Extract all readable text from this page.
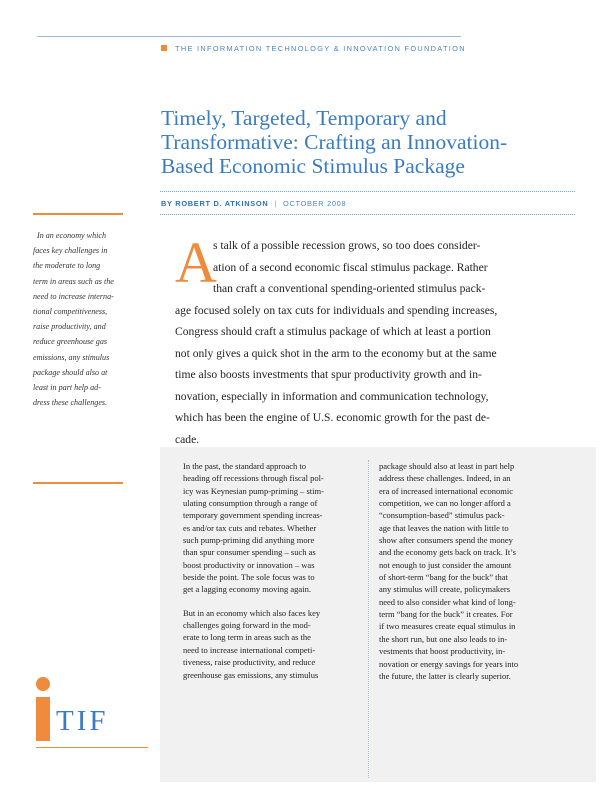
THE INFORMATION TECHNOLOGY & INNOVATION FOUNDATION
Timely, Targeted, Temporary and
Transformative: Crafting an Innovation-
Based Economic Stimulus Package
BY ROBERT D. ATKINSON | OCTOBER 2008
In an economy which
faces key challenges in
the moderate to long
term in areas such as the
need to increase interna-
tional competitiveness,
raise productivity, and
reduce greenhouse gas
emissions, any stimulus
package should also at
least in part help ad-
dress these challenges.
A
s talk of a possible recession grows, so too does consider-
ation of a second economic fiscal stimulus package. Rather
than craft a conventional spending-oriented stimulus pack-
age focused solely on tax cuts for individuals and spending increases,
Congress should craft a stimulus package of which at least a portion
not only gives a quick shot in the arm to the economy but at the same
time also boosts investments that spur productivity growth and in-
novation, especially in information and communication technology,
which has been the engine of U.S. economic growth for the past de-
cade.
In the past, the standard approach to
heading off recessions through fiscal pol-
icy was Keynesian pump-priming – stim-
ulating consumption through a range of
temporary government spending increas-
es and/or tax cuts and rebates. Whether
such pump-priming did anything more
than spur consumer spending – such as
boost productivity or innovation – was
beside the point. The sole focus was to
get a lagging economy moving again.
But in an economy which also faces key
challenges going forward in the mod-
erate to long term in areas such as the
need to increase international competi-
tiveness, raise productivity, and reduce
greenhouse gas emissions, any stimulus
package should also at least in part help
address these challenges. Indeed, in an
era of increased international economic
competition, we can no longer afford a
“consumption-based” stimulus pack-
age that leaves the nation with little to
show after consumers spend the money
and the economy gets back on track. It’s
not enough to just consider the amount
of short-term “bang for the buck” that
any stimulus will create, policymakers
need to also consider what kind of long-
term “bang for the buck” it creates. For
if two measures create equal stimulus in
the short run, but one also leads to in-
vestments that boost productivity, in-
novation or energy savings for years into
the future, the latter is clearly superior.
TIF
